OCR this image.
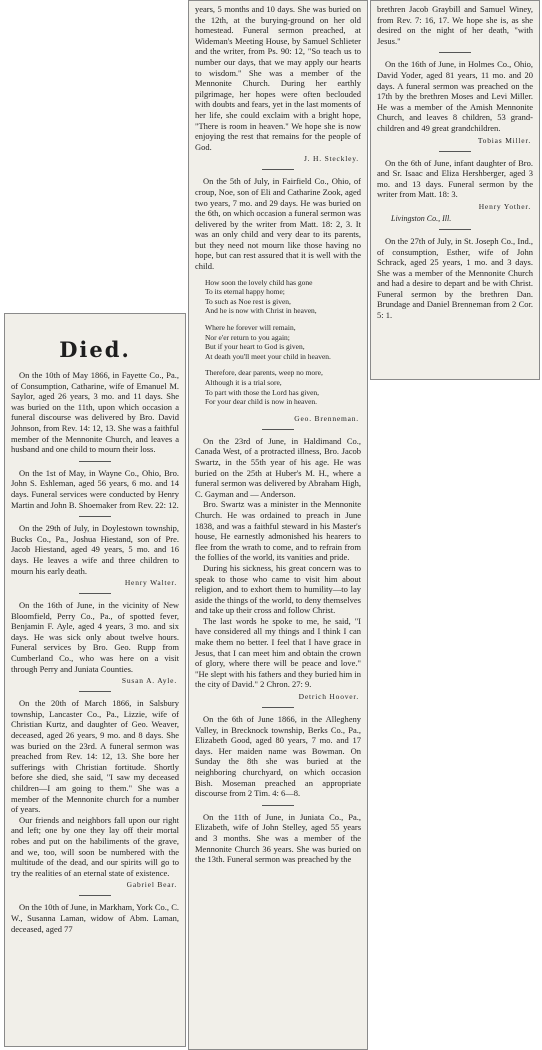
Died.

On the 10th of May 1866, in Fayette Co., Pa., of Consumption, Catharine, wife of Emanuel M. Saylor, aged 26 years, 3 mo. and 11 days. She was buried on the 11th, upon which occasion a funeral discourse was delivered by Bro. David Johnson, from Rev. 14: 12, 13. She was a faithful member of the Mennonite Church, and leaves a husband and one child to mourn their loss.

On the 1st of May, in Wayne Co., Ohio, Bro. John S. Eshleman, aged 56 years, 6 mo. and 14 days. Funeral services were conducted by Henry Martin and John B. Shoemaker from Rev. 22: 12.

On the 29th of July, in Doylestown township, Bucks Co., Pa., Joshua Hiestand, son of Pre. Jacob Hiestand, aged 49 years, 5 mo. and 16 days. He leaves a wife and three children to mourn his early death.

Henry Walter.

On the 16th of June, in the vicinity of New Bloomfield, Perry Co., Pa., of spotted fever, Benjamin F. Ayle, aged 4 years, 3 mo. and six days. He was sick only about twelve hours. Funeral services by Bro. Geo. Rupp from Cumberland Co., who was here on a visit through Perry and Juniata Counties.

Susan A. Ayle.

On the 20th of March 1866, in Salsbury township, Lancaster Co., Pa., Lizzie, wife of Christian Kurtz, and daughter of Geo. Weaver, deceased, aged 26 years, 9 mo. and 8 days. She was buried on the 23rd. A funeral sermon was preached from Rev. 14: 12, 13. She bore her sufferings with Christian fortitude. Shortly before she died, she said, "I saw my deceased children—I am going to them." She was a member of the Mennonite church for a number of years.

Our friends and neighbors fall upon our right and left; one by one they lay off their mortal robes and put on the habiliments of the grave, and we, too, will soon be numbered with the multitude of the dead, and our spirits will go to try the realities of an eternal state of existence.

Gabriel Bear.

On the 10th of June, in Markham, York Co., C. W., Susanna Laman, widow of Abm. Laman, deceased, aged 77

years, 5 months and 10 days. She was buried on the 12th, at the burying-ground on her old homestead. Funeral sermon preached, at Wideman's Meeting House, by Samuel Schlieter and the writer, from Ps. 90: 12, "So teach us to number our days, that we may apply our hearts to wisdom." She was a member of the Mennonite Church. During her earthly pilgrimage, her hopes were often beclouded with doubts and fears, yet in the last moments of her life, she could exclaim with a bright hope, "There is room in heaven." We hope she is now enjoying the rest that remains for the people of God.

J. H. Steckley.

On the 5th of July, in Fairfield Co., Ohio, of croup, Noe, son of Eli and Catharine Zook, aged two years, 7 mo. and 29 days. He was buried on the 6th, on which occasion a funeral sermon was delivered by the writer from Matt. 18: 2, 3. It was an only child and very dear to its parents, but they need not mourn like those having no hope, but can rest assured that it is well with the child.

How soon the lovely child has gone
To its eternal happy home;
To such as Noe rest is given,
And he is now with Christ in heaven,
Where he forever will remain,
Nor e'er return to you again;
But if your heart to God is given,
At death you'll meet your child in heaven.
Therefore, dear parents, weep no more,
Although it is a trial sore,
To part with those the Lord has given,
For your dear child is now in heaven.
Geo. Brenneman.

On the 23rd of June, in Haldimand Co., Canada West, of a protracted illness, Bro. Jacob Swartz, in the 55th year of his age. He was buried on the 25th at Huber's M. H., where a funeral sermon was delivered by Abraham High, C. Gayman and — Anderson.

Bro. Swartz was a minister in the Mennonite Church. He was ordained to preach in June 1838, and was a faithful steward in his Master's house, He earnestly admonished his hearers to flee from the wrath to come, and to refrain from the follies of the world, its vanities and pride.

During his sickness, his great concern was to speak to those who came to visit him about religion, and to exhort them to humility—to lay aside the things of the world, to deny themselves and take up their cross and follow Christ.

The last words he spoke to me, he said, "I have considered all my things and I think I can make them no better. I feel that I have grace in Jesus, that I can meet him and obtain the crown of glory, where there will be peace and love." "He slept with his fathers and they buried him in the city of David." 2 Chron. 27: 9.

Detrich Hoover.

On the 6th of June 1866, in the Allegheny Valley, in Brecknock township, Berks Co., Pa., Elizabeth Good, aged 80 years, 7 mo. and 17 days. Her maiden name was Bowman. On Sunday the 8th she was buried at the neighboring churchyard, on which occasion Bish. Moseman preached an appropriate discourse from 2 Tim. 4: 6—8.

On the 11th of June, in Juniata Co., Pa., Elizabeth, wife of John Stelley, aged 55 years and 3 months. She was a member of the Mennonite Church 36 years. She was buried on the 13th. Funeral sermon was preached by the

brethren Jacob Graybill and Samuel Winey, from Rev. 7: 16, 17. We hope she is, as she desired on the night of her death, "with Jesus."

On the 16th of June, in Holmes Co., Ohio, David Yoder, aged 81 years, 11 mo. and 20 days. A funeral sermon was preached on the 17th by the brethren Moses and Levi Miller. He was a member of the Amish Mennonite Church, and leaves 8 children, 53 grand-children and 49 great grandchildren.

Tobias Miller.

On the 6th of June, infant daughter of Bro. and Sr. Isaac and Eliza Hershberger, aged 3 mo. and 13 days. Funeral sermon by the writer from Matt. 18: 3.

Henry Yother.
Livingston Co., Ill.

On the 27th of July, in St. Joseph Co., Ind., of consumption, Esther, wife of John Schrack, aged 25 years, 1 mo. and 3 days. She was a member of the Mennonite Church and had a desire to depart and be with Christ. Funeral sermon by the brethren Dan. Brundage and Daniel Brenneman from 2 Cor. 5: 1.
